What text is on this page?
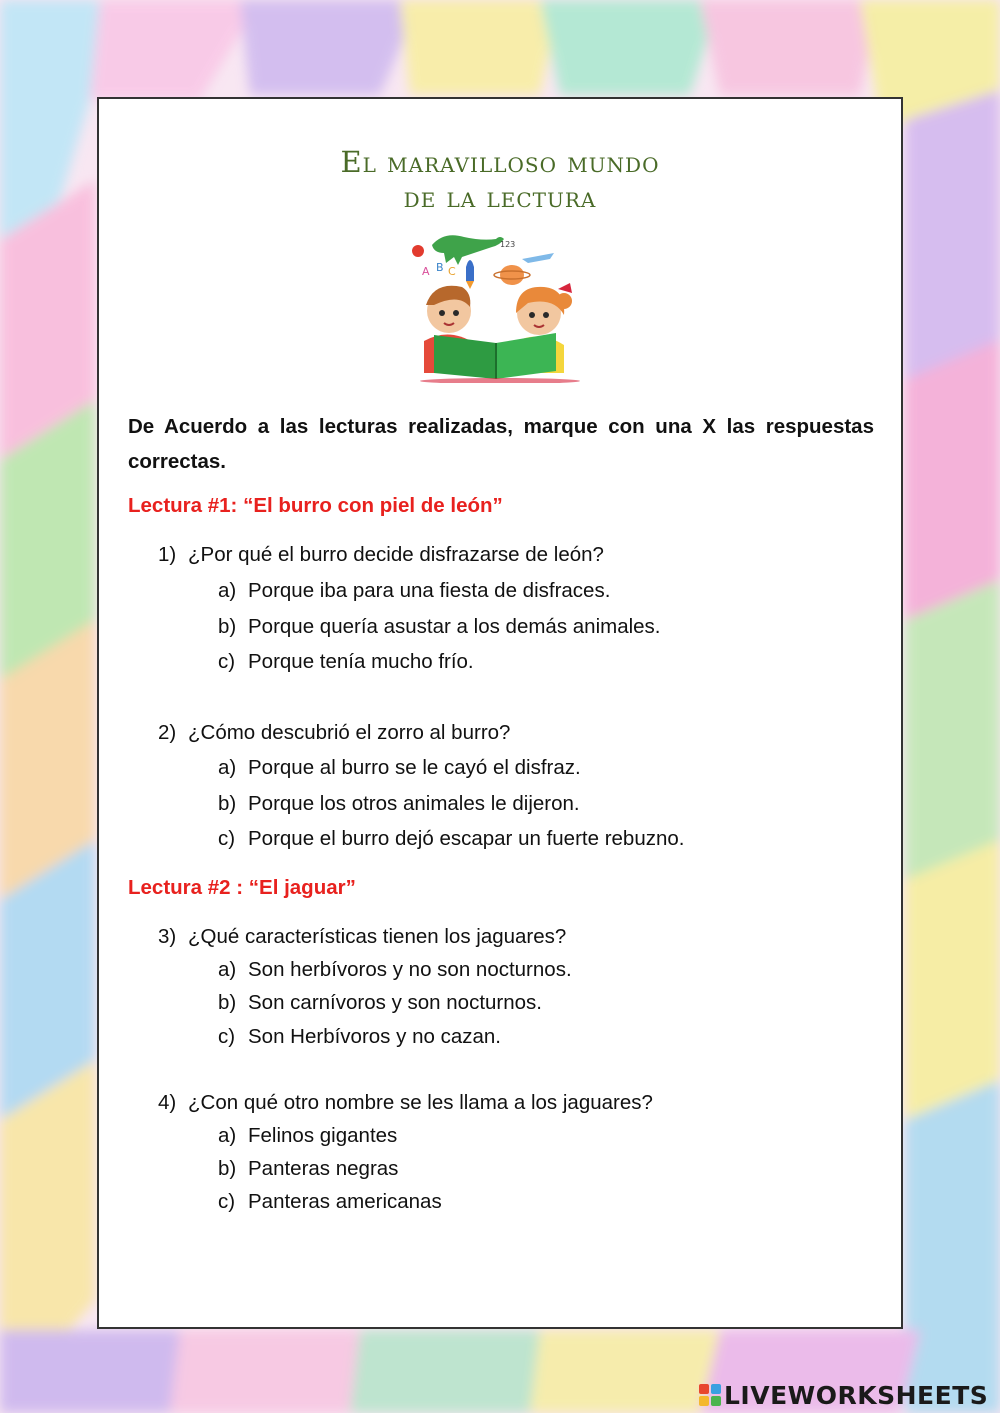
El maravilloso mundo
de la lectura
A B C
123
De Acuerdo a las lecturas realizadas, marque con una X las respuestas correctas.
Lectura #1: “El burro con piel de león”
1) ¿Por qué el burro decide disfrazarse de león?
a) Porque iba para una fiesta de disfraces.
b) Porque quería asustar a los demás animales.
c) Porque tenía mucho frío.
2) ¿Cómo descubrió el zorro al burro?
a) Porque al burro se le cayó el disfraz.
b) Porque los otros animales le dijeron.
c) Porque el burro dejó escapar un fuerte rebuzno.
Lectura #2 : “El jaguar”
3) ¿Qué características tienen los jaguares?
a) Son herbívoros y no son nocturnos.
b) Son carnívoros y son nocturnos.
c) Son Herbívoros y no cazan.
4) ¿Con qué otro nombre se les llama a los jaguares?
a) Felinos gigantes
b) Panteras negras
c) Panteras americanas
LIVEWORKSHEETS
